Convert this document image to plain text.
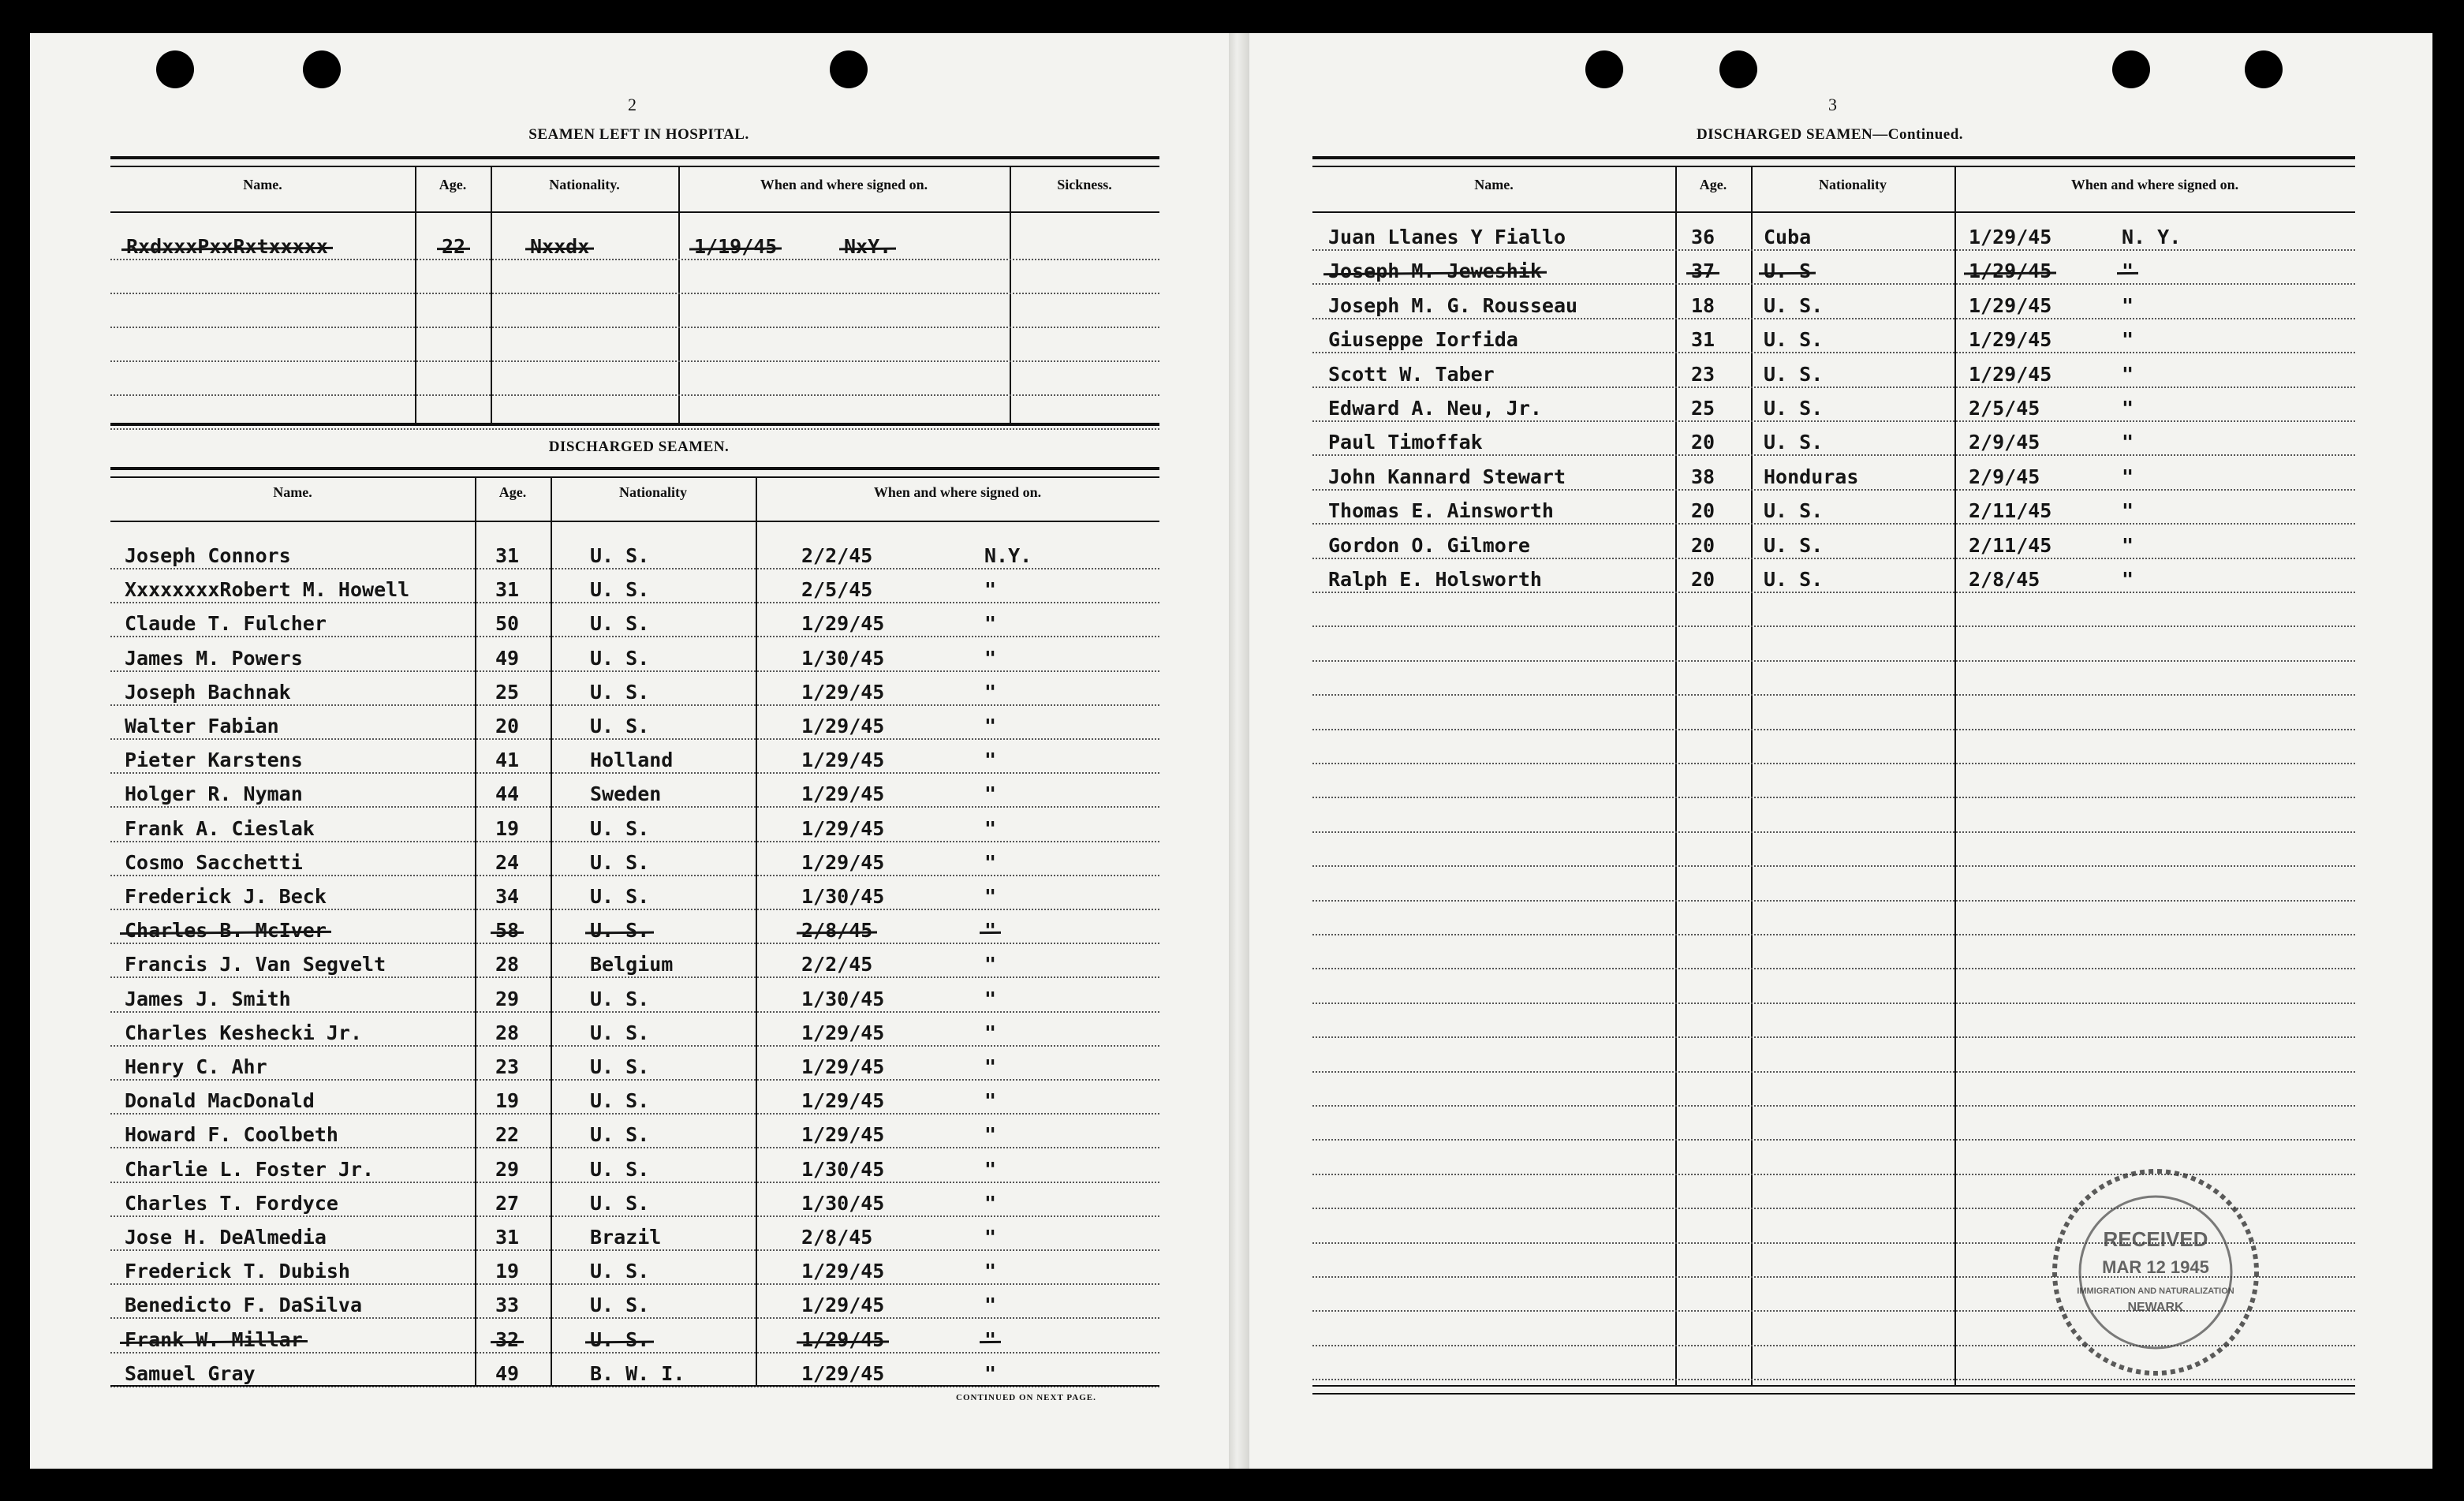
2
SEAMEN LEFT IN HOSPITAL.
Name.	Age.	Nationality.	When and where signed on.	Sickness.
RxdxxxPxxRxtxxxxx	22	Nxxdx	1/19/45	NxY.
DISCHARGED SEAMEN.
Name.	Age.	Nationality	When and where signed on.
Joseph Connors	31	U. S.	2/2/45	N.Y.
XxxxxxxxRobert M. Howell	31	U. S.	2/5/45	"
Claude T. Fulcher	50	U. S.	1/29/45	"
James M. Powers	49	U. S.	1/30/45	"
Joseph Bachnak	25	U. S.	1/29/45	"
Walter Fabian	20	U. S.	1/29/45	"
Pieter Karstens	41	Holland	1/29/45	"
Holger R. Nyman	44	Sweden	1/29/45	"
Frank A. Cieslak	19	U. S.	1/29/45	"
Cosmo Sacchetti	24	U. S.	1/29/45	"
Frederick J. Beck	34	U. S.	1/30/45	"
Charles B. McIver	58	U. S.	2/8/45	"
Francis J. Van Segvelt	28	Belgium	2/2/45	"
James J. Smith	29	U. S.	1/30/45	"
Charles Keshecki Jr.	28	U. S.	1/29/45	"
Henry C. Ahr	23	U. S.	1/29/45	"
Donald MacDonald	19	U. S.	1/29/45	"
Howard F. Coolbeth	22	U. S.	1/29/45	"
Charlie L. Foster Jr.	29	U. S.	1/30/45	"
Charles T. Fordyce	27	U. S.	1/30/45	"
Jose H. DeAlmedia	31	Brazil	2/8/45	"
Frederick T. Dubish	19	U. S.	1/29/45	"
Benedicto F. DaSilva	33	U. S.	1/29/45	"
Frank W. Millar	32	U. S.	1/29/45	"
Samuel Gray	49	B. W. I.	1/29/45	"
CONTINUED ON NEXT PAGE.
3
DISCHARGED SEAMEN—Continued.
Name.	Age.	Nationality	When and where signed on.
Juan Llanes Y Fiallo	36 Cuba	1/29/45	N. Y.
Joseph M. Jeweshik	37 U. S	1/29/45	"
Joseph M. G. Rousseau	18 U. S.	1/29/45	"
Giuseppe Iorfida	31 U. S.	1/29/45	"
Scott W. Taber	23 U. S.	1/29/45	"
Edward A. Neu, Jr.	25 U. S.	2/5/45	"
Paul Timoffak	20 U. S.	2/9/45	"
John Kannard Stewart	38 Honduras	2/9/45	"
Thomas E. Ainsworth	20 U. S.	2/11/45	"
Gordon O. Gilmore	20 U. S.	2/11/45	"
Ralph E. Holsworth	20 U. S.	2/8/45	"
RECEIVED
MAR 12 1945
IMMIGRATION AND NATURALIZATION
NEWARK
